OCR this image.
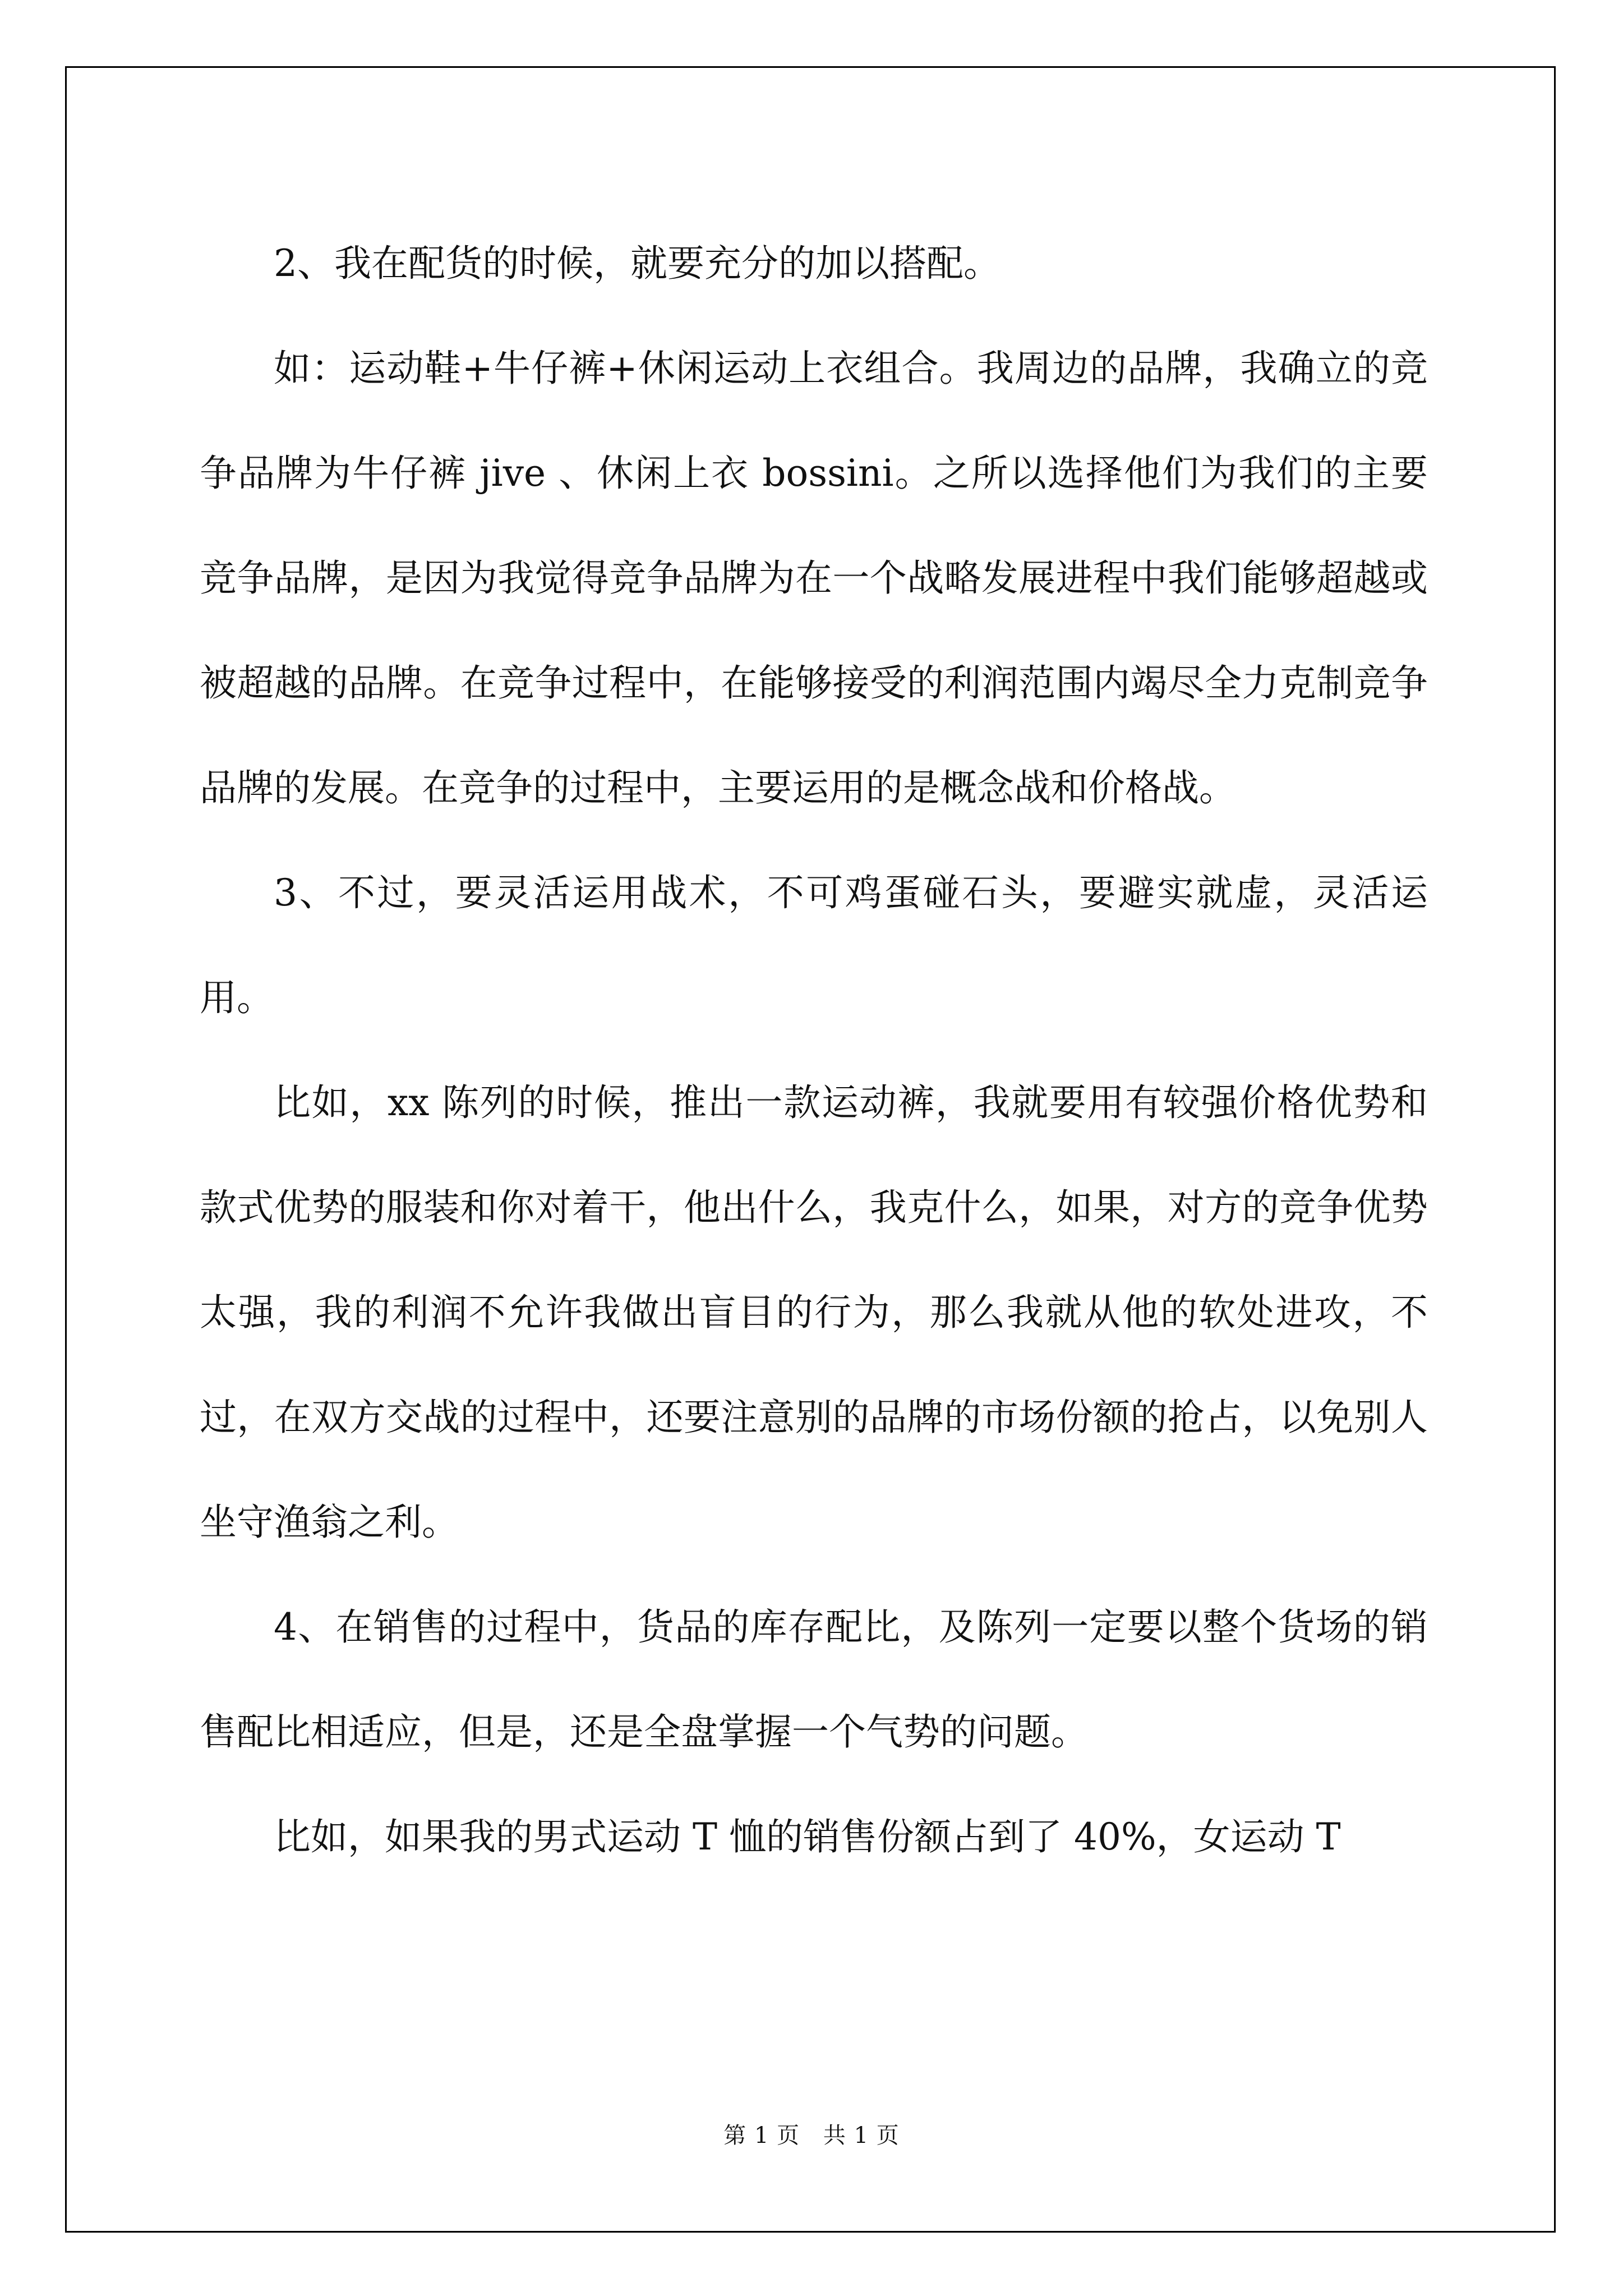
2、我在配货的时候，就要充分的加以搭配。

如：运动鞋+牛仔裤+休闲运动上衣组合。我周边的品牌，我确立的竞争品牌为牛仔裤 jive 、休闲上衣 bossini。之所以选择他们为我们的主要竞争品牌，是因为我觉得竞争品牌为在一个战略发展进程中我们能够超越或被超越的品牌。在竞争过程中，在能够接受的利润范围内竭尽全力克制竞争品牌的发展。在竞争的过程中，主要运用的是概念战和价格战。

3、不过，要灵活运用战术，不可鸡蛋碰石头，要避实就虚，灵活运用。

比如，xx 陈列的时候，推出一款运动裤，我就要用有较强价格优势和款式优势的服装和你对着干，他出什么，我克什么，如果，对方的竞争优势太强，我的利润不允许我做出盲目的行为，那么我就从他的软处进攻，不过，在双方交战的过程中，还要注意别的品牌的市场份额的抢占，以免别人坐守渔翁之利。

4、在销售的过程中，货品的库存配比，及陈列一定要以整个货场的销售配比相适应，但是，还是全盘掌握一个气势的问题。

比如，如果我的男式运动 T 恤的销售份额占到了 40%，女运动 T

第 1 页 共 1 页
